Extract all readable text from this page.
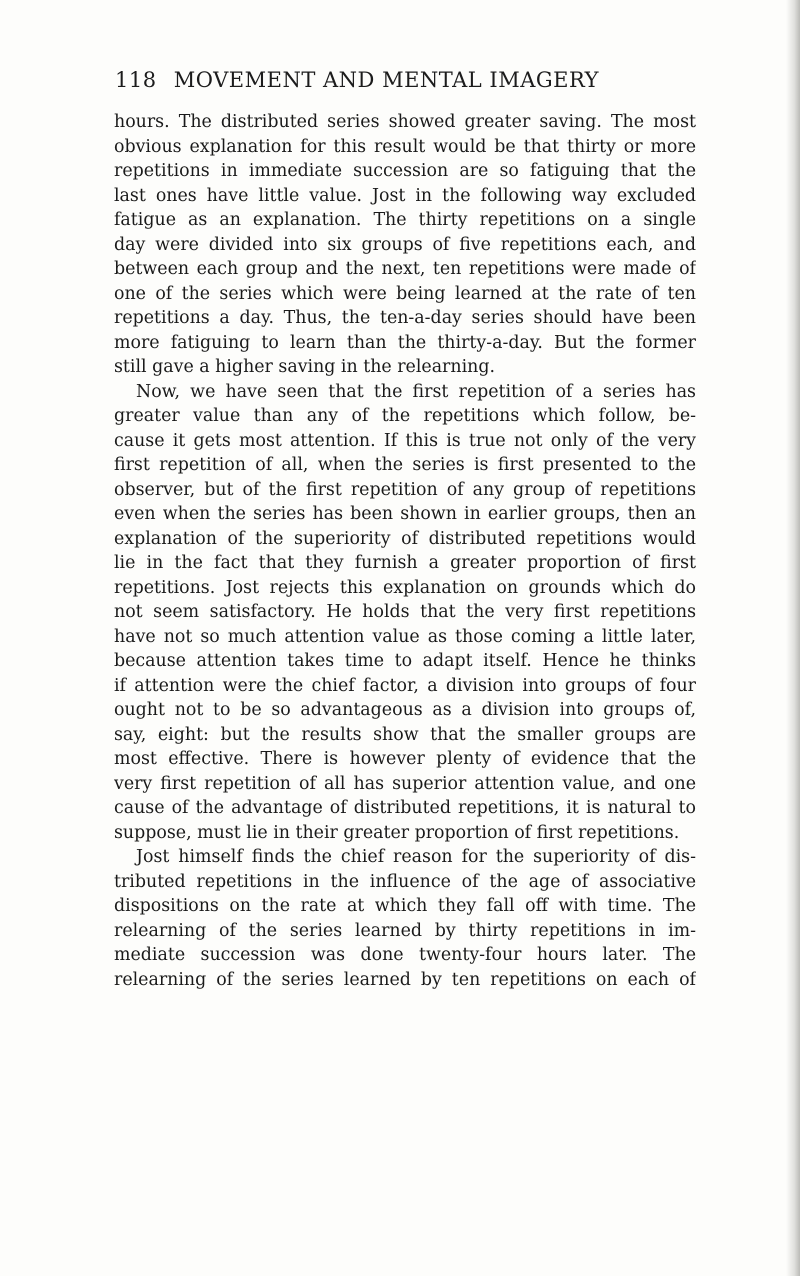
118 MOVEMENT AND MENTAL IMAGERY
hours. The distributed series showed greater saving. The most
obvious explanation for this result would be that thirty or more
repetitions in immediate succession are so fatiguing that the
last ones have little value. Jost in the following way excluded
fatigue as an explanation. The thirty repetitions on a single
day were divided into six groups of five repetitions each, and
between each group and the next, ten repetitions were made of
one of the series which were being learned at the rate of ten
repetitions a day. Thus, the ten-a-day series should have been
more fatiguing to learn than the thirty-a-day. But the former
still gave a higher saving in the relearning.
Now, we have seen that the first repetition of a series has
greater value than any of the repetitions which follow, be-
cause it gets most attention. If this is true not only of the very
first repetition of all, when the series is first presented to the
observer, but of the first repetition of any group of repetitions
even when the series has been shown in earlier groups, then an
explanation of the superiority of distributed repetitions would
lie in the fact that they furnish a greater proportion of first
repetitions. Jost rejects this explanation on grounds which do
not seem satisfactory. He holds that the very first repetitions
have not so much attention value as those coming a little later,
because attention takes time to adapt itself. Hence he thinks
if attention were the chief factor, a division into groups of four
ought not to be so advantageous as a division into groups of,
say, eight: but the results show that the smaller groups are
most effective. There is however plenty of evidence that the
very first repetition of all has superior attention value, and one
cause of the advantage of distributed repetitions, it is natural to
suppose, must lie in their greater proportion of first repetitions.
Jost himself finds the chief reason for the superiority of dis-
tributed repetitions in the influence of the age of associative
dispositions on the rate at which they fall off with time. The
relearning of the series learned by thirty repetitions in im-
mediate succession was done twenty-four hours later. The
relearning of the series learned by ten repetitions on each of
